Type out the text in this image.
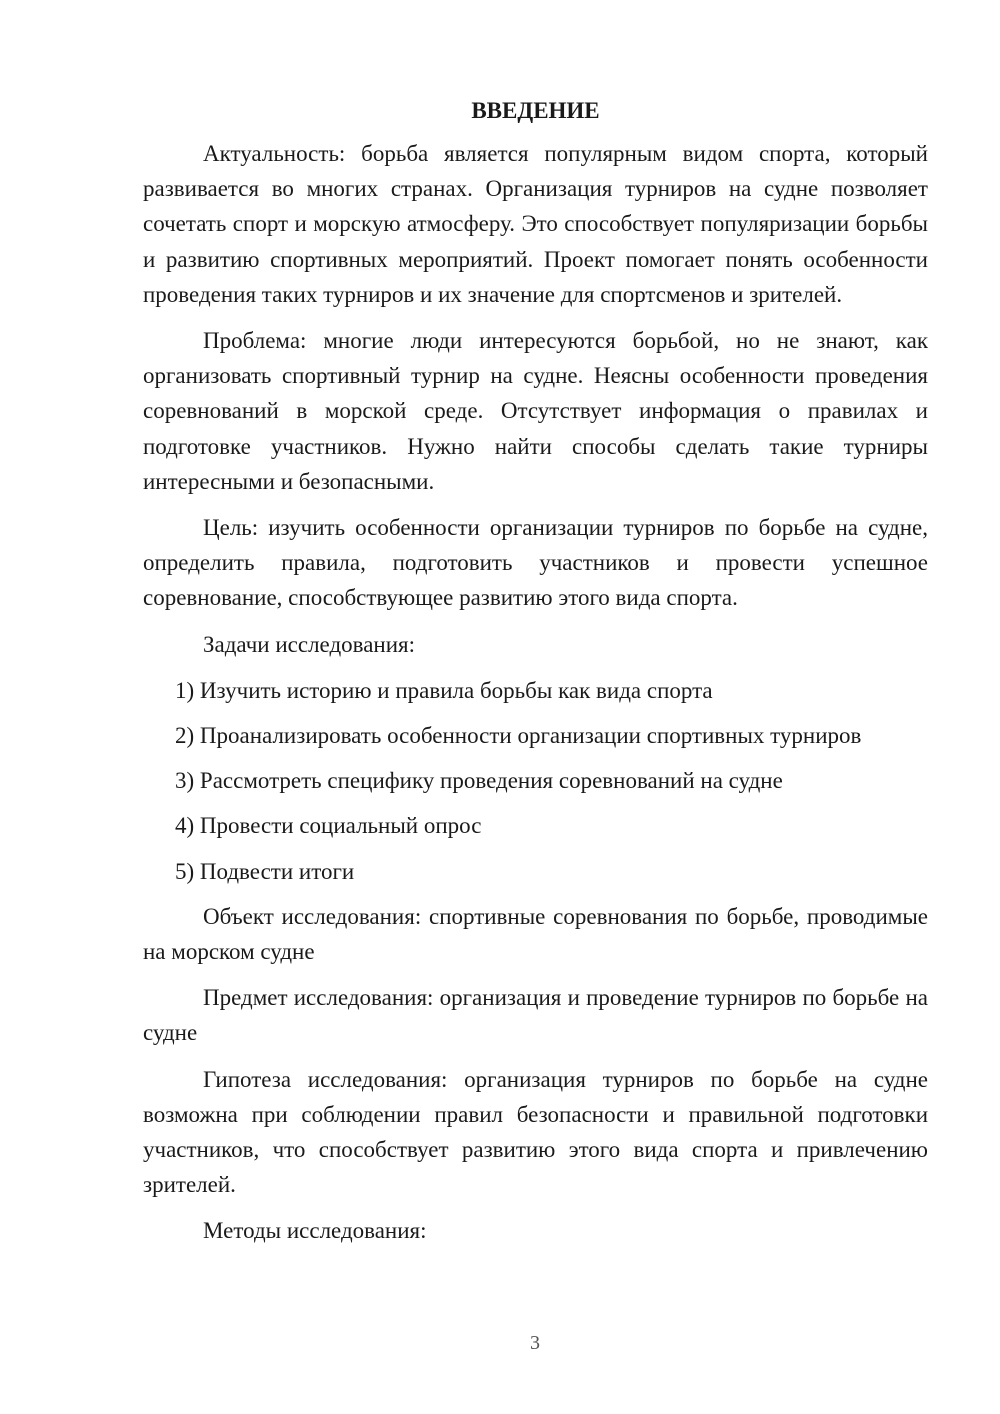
ВВЕДЕНИЕ

Актуальность: борьба является популярным видом спорта, который развивается во многих странах. Организация турниров на судне позволяет сочетать спорт и морскую атмосферу. Это способствует популяризации борьбы и развитию спортивных мероприятий. Проект помогает понять особенности проведения таких турниров и их значение для спортсменов и зрителей.

Проблема: многие люди интересуются борьбой, но не знают, как организовать спортивный турнир на судне. Неясны особенности проведения соревнований в морской среде. Отсутствует информация о правилах и подготовке участников. Нужно найти способы сделать такие турниры интересными и безопасными.

Цель: изучить особенности организации турниров по борьбе на судне, определить правила, подготовить участников и провести успешное соревнование, способствующее развитию этого вида спорта.

Задачи исследования:

1) Изучить историю и правила борьбы как вида спорта
2) Проанализировать особенности организации спортивных турниров
3) Рассмотреть специфику проведения соревнований на судне
4) Провести социальный опрос
5) Подвести итоги

Объект исследования: спортивные соревнования по борьбе, проводимые на морском судне

Предмет исследования: организация и проведение турниров по борьбе на судне

Гипотеза исследования: организация турниров по борьбе на судне возможна при соблюдении правил безопасности и правильной подготовки участников, что способствует развитию этого вида спорта и привлечению зрителей.

Методы исследования:

3
